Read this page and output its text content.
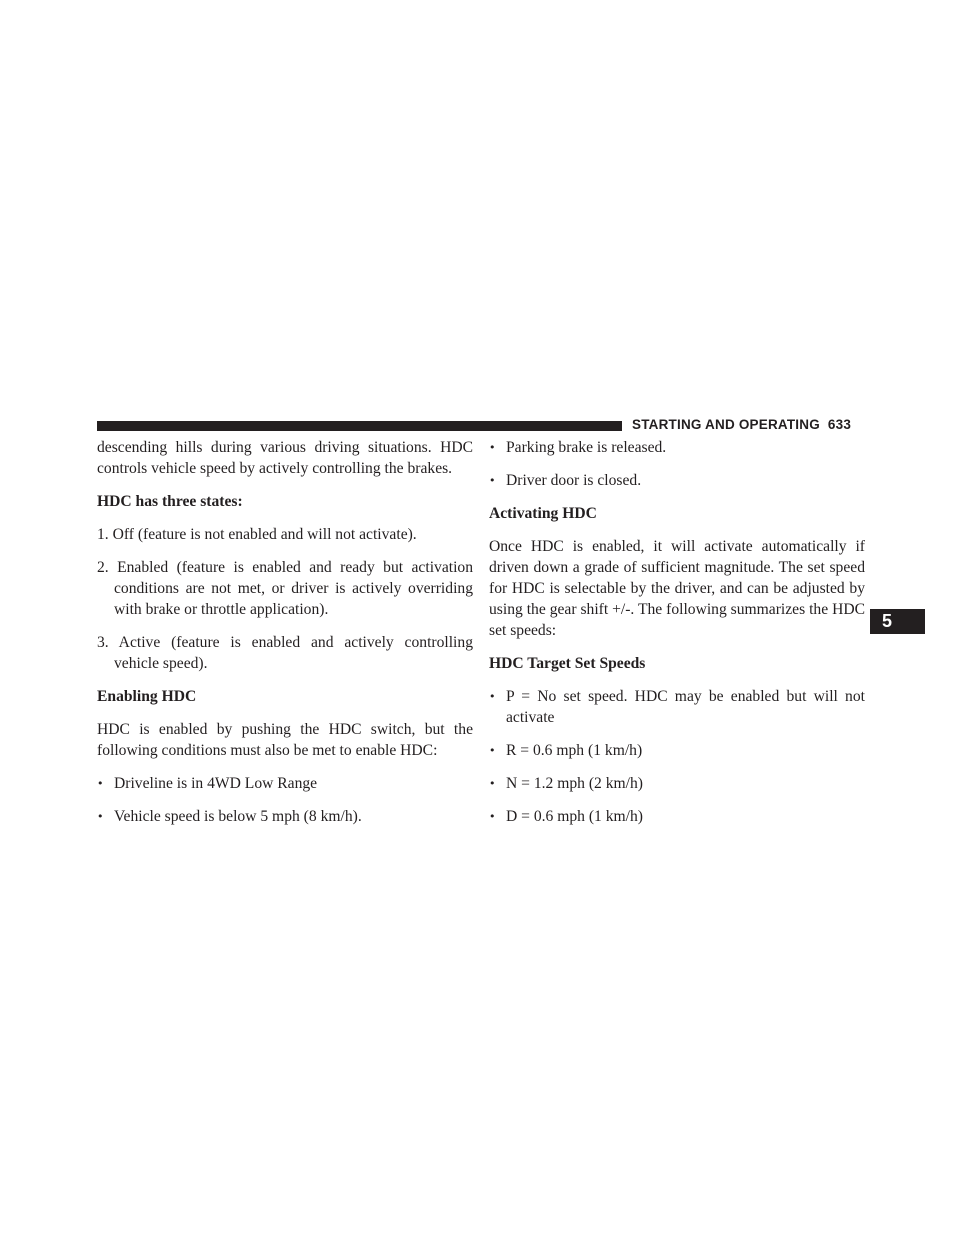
STARTING AND OPERATING 633
5

descending hills during various driving situations. HDC controls vehicle speed by actively controlling the brakes.

HDC has three states:

1. Off (feature is not enabled and will not activate).

2. Enabled (feature is enabled and ready but activation conditions are not met, or driver is actively overriding with brake or throttle application).

3. Active (feature is enabled and actively controlling vehicle speed).

Enabling HDC

HDC is enabled by pushing the HDC switch, but the following conditions must also be met to enable HDC:

• Driveline is in 4WD Low Range

• Vehicle speed is below 5 mph (8 km/h).

• Parking brake is released.

• Driver door is closed.

Activating HDC

Once HDC is enabled, it will activate automatically if driven down a grade of sufficient magnitude. The set speed for HDC is selectable by the driver, and can be adjusted by using the gear shift +/-. The following summarizes the HDC set speeds:

HDC Target Set Speeds

• P = No set speed. HDC may be enabled but will not activate

• R = 0.6 mph (1 km/h)

• N = 1.2 mph (2 km/h)

• D = 0.6 mph (1 km/h)
